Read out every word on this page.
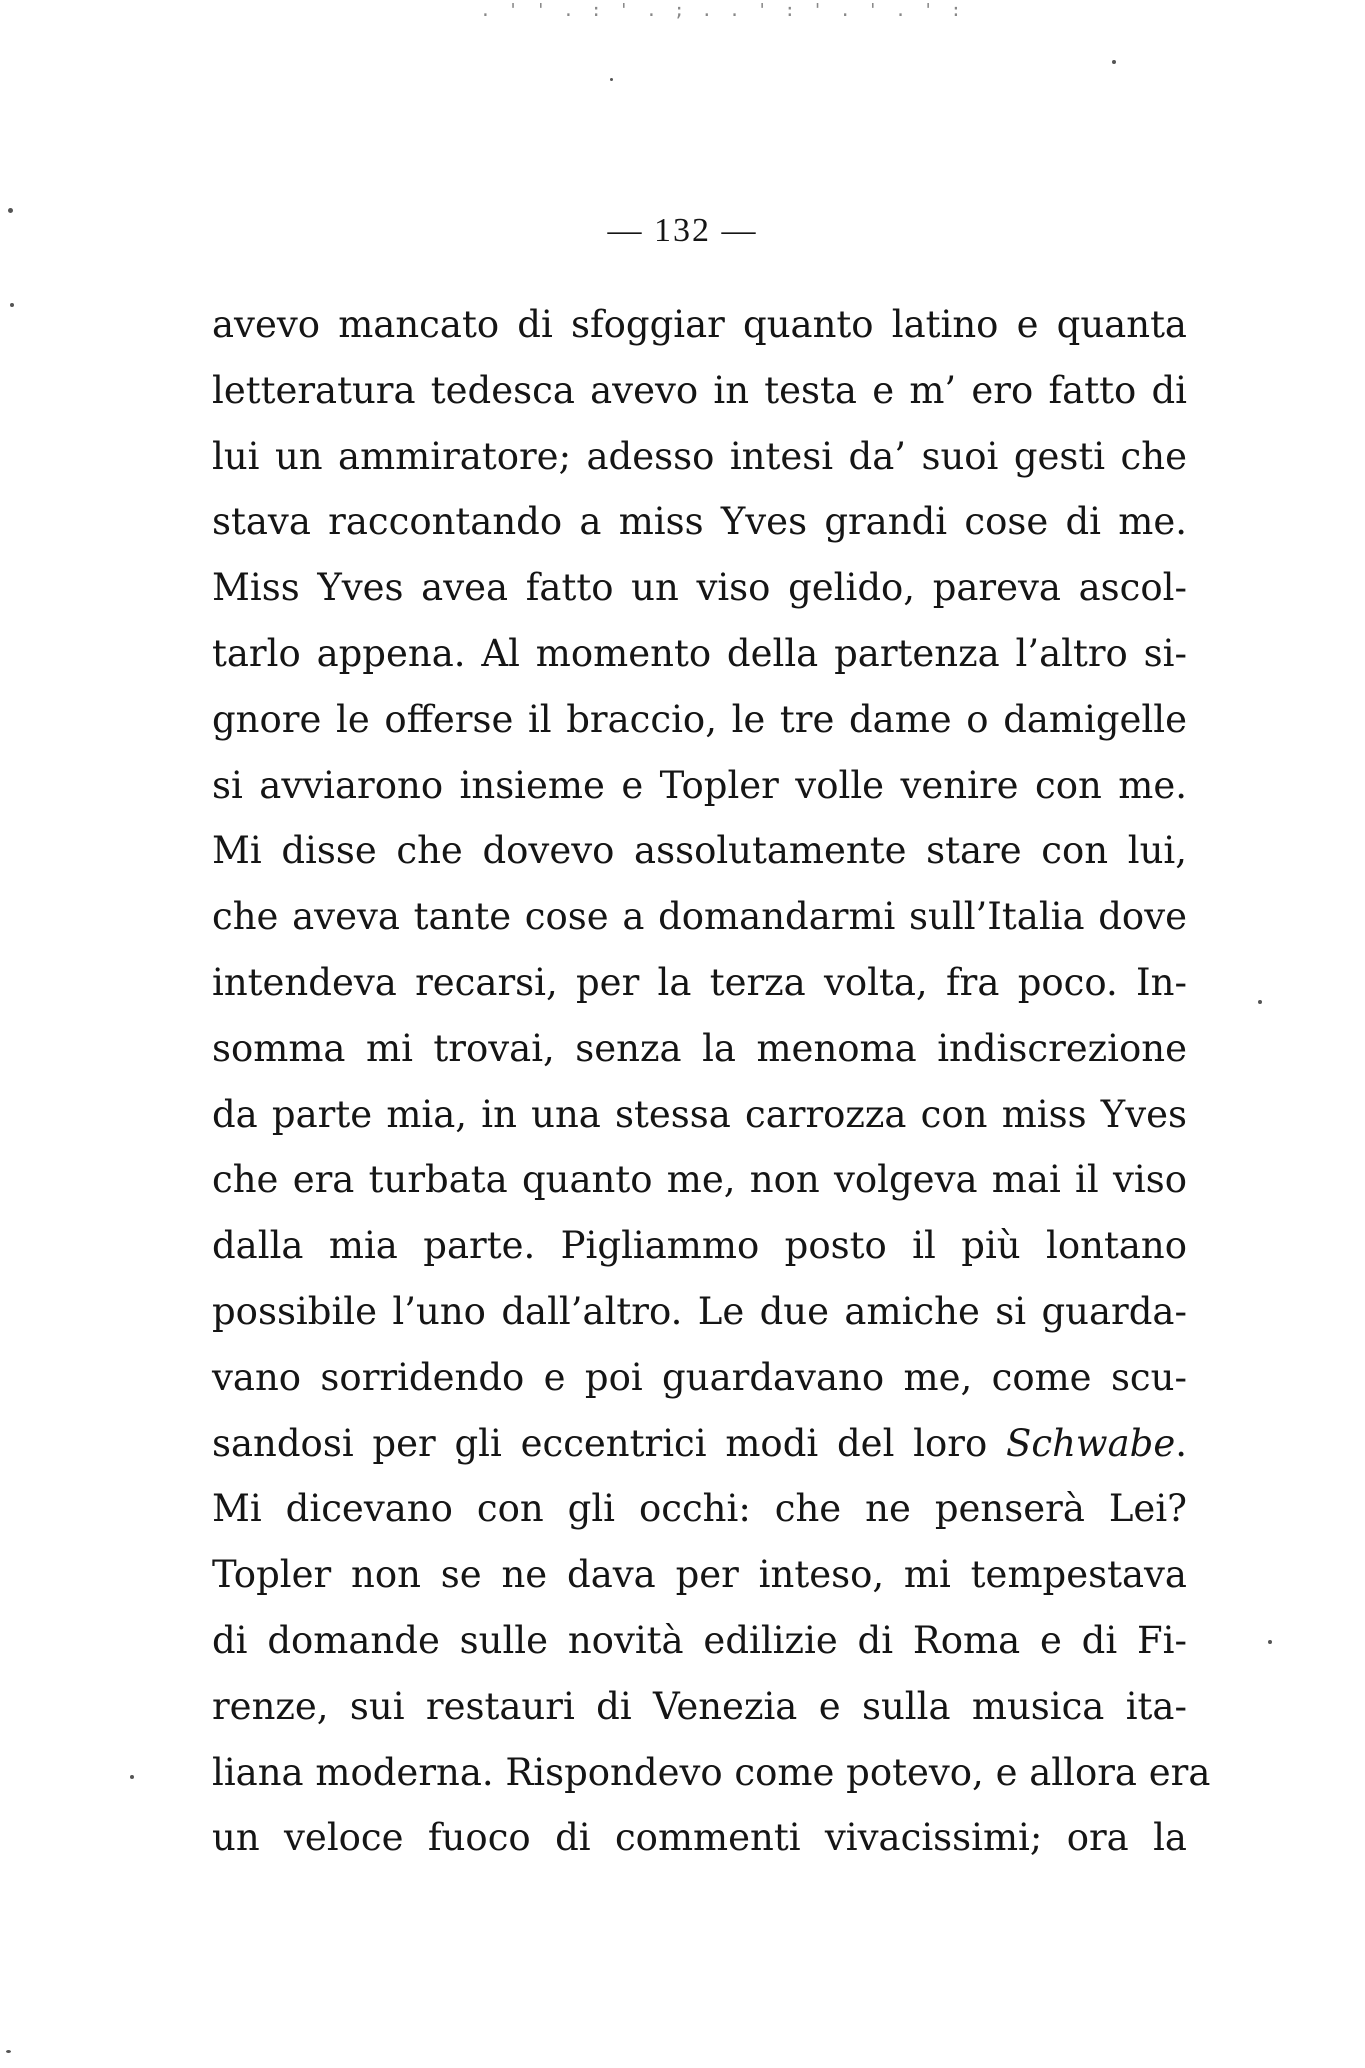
. ' ' . : ' . ; . . ' : ' . ' . ' :
— 132 —
avevo mancato di sfoggiar quanto latino e quanta
letteratura tedesca avevo in testa e m’ ero fatto di
lui un ammiratore; adesso intesi da’ suoi gesti che
stava raccontando a miss Yves grandi cose di me.
Miss Yves avea fatto un viso gelido, pareva ascol-
tarlo appena. Al momento della partenza l’altro si-
gnore le offerse il braccio, le tre dame o damigelle
si avviarono insieme e Topler volle venire con me.
Mi disse che dovevo assolutamente stare con lui,
che aveva tante cose a domandarmi sull’Italia dove
intendeva recarsi, per la terza volta, fra poco. In-
somma mi trovai, senza la menoma indiscrezione
da parte mia, in una stessa carrozza con miss Yves
che era turbata quanto me, non volgeva mai il viso
dalla mia parte. Pigliammo posto il più lontano
possibile l’uno dall’altro. Le due amiche si guarda-
vano sorridendo e poi guardavano me, come scu-
sandosi per gli eccentrici modi del loro Schwabe.
Mi dicevano con gli occhi: che ne penserà Lei?
Topler non se ne dava per inteso, mi tempestava
di domande sulle novità edilizie di Roma e di Fi-
renze, sui restauri di Venezia e sulla musica ita-
liana moderna. Rispondevo come potevo, e allora era
un veloce fuoco di commenti vivacissimi; ora la
